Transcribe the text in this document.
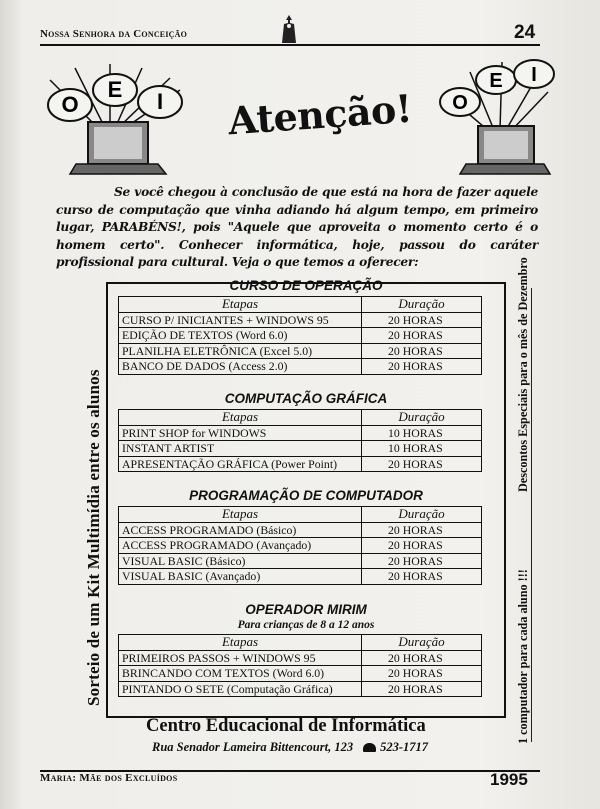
Nossa Senhora da Conceição	24
O
E I Atenção! O
E I
Se você chegou à conclusão de que está na hora de fazer aquele curso de computação que vinha adiando há algum tempo, em primeiro lugar, PARABÉNS!, pois "Aquele que aproveita o momento certo é o homem certo". Conhecer informática, hoje, passou do caráter profissional para cultural. Veja o que temos a oferecer:
Sorteio de um Kit Multimídia entre os alunos	1 computador para cada aluno !!!
Descontos Especiais para o mês de Dezembro
CURSO DE OPERAÇÃO
Etapas	Duração
CURSO P/ INICIANTES + WINDOWS 95	20 HORAS
EDIÇÃO DE TEXTOS (Word 6.0)	20 HORAS
PLANILHA ELETRÔNICA (Excel 5.0)	20 HORAS
BANCO DE DADOS (Access 2.0)	20 HORAS
COMPUTAÇÃO GRÁFICA
Etapas	Duração
PRINT SHOP for WINDOWS	10 HORAS
INSTANT ARTIST	10 HORAS
APRESENTAÇÃO GRÁFICA (Power Point)	20 HORAS
PROGRAMAÇÃO DE COMPUTADOR
Etapas	Duração
ACCESS PROGRAMADO (Básico)	20 HORAS
ACCESS PROGRAMADO (Avançado)	20 HORAS
VISUAL BASIC (Básico)	20 HORAS
VISUAL BASIC (Avançado)	20 HORAS
OPERADOR MIRIM
Para crianças de 8 a 12 anos
Etapas	Duração
PRIMEIROS PASSOS + WINDOWS 95	20 HORAS
BRINCANDO COM TEXTOS (Word 6.0)	20 HORAS
PINTANDO O SETE (Computação Gráfica)	20 HORAS
Centro Educacional de Informática
Rua Senador Lameira Bittencourt, 123 523-1717
Maria: Mãe dos Excluídos	1995
